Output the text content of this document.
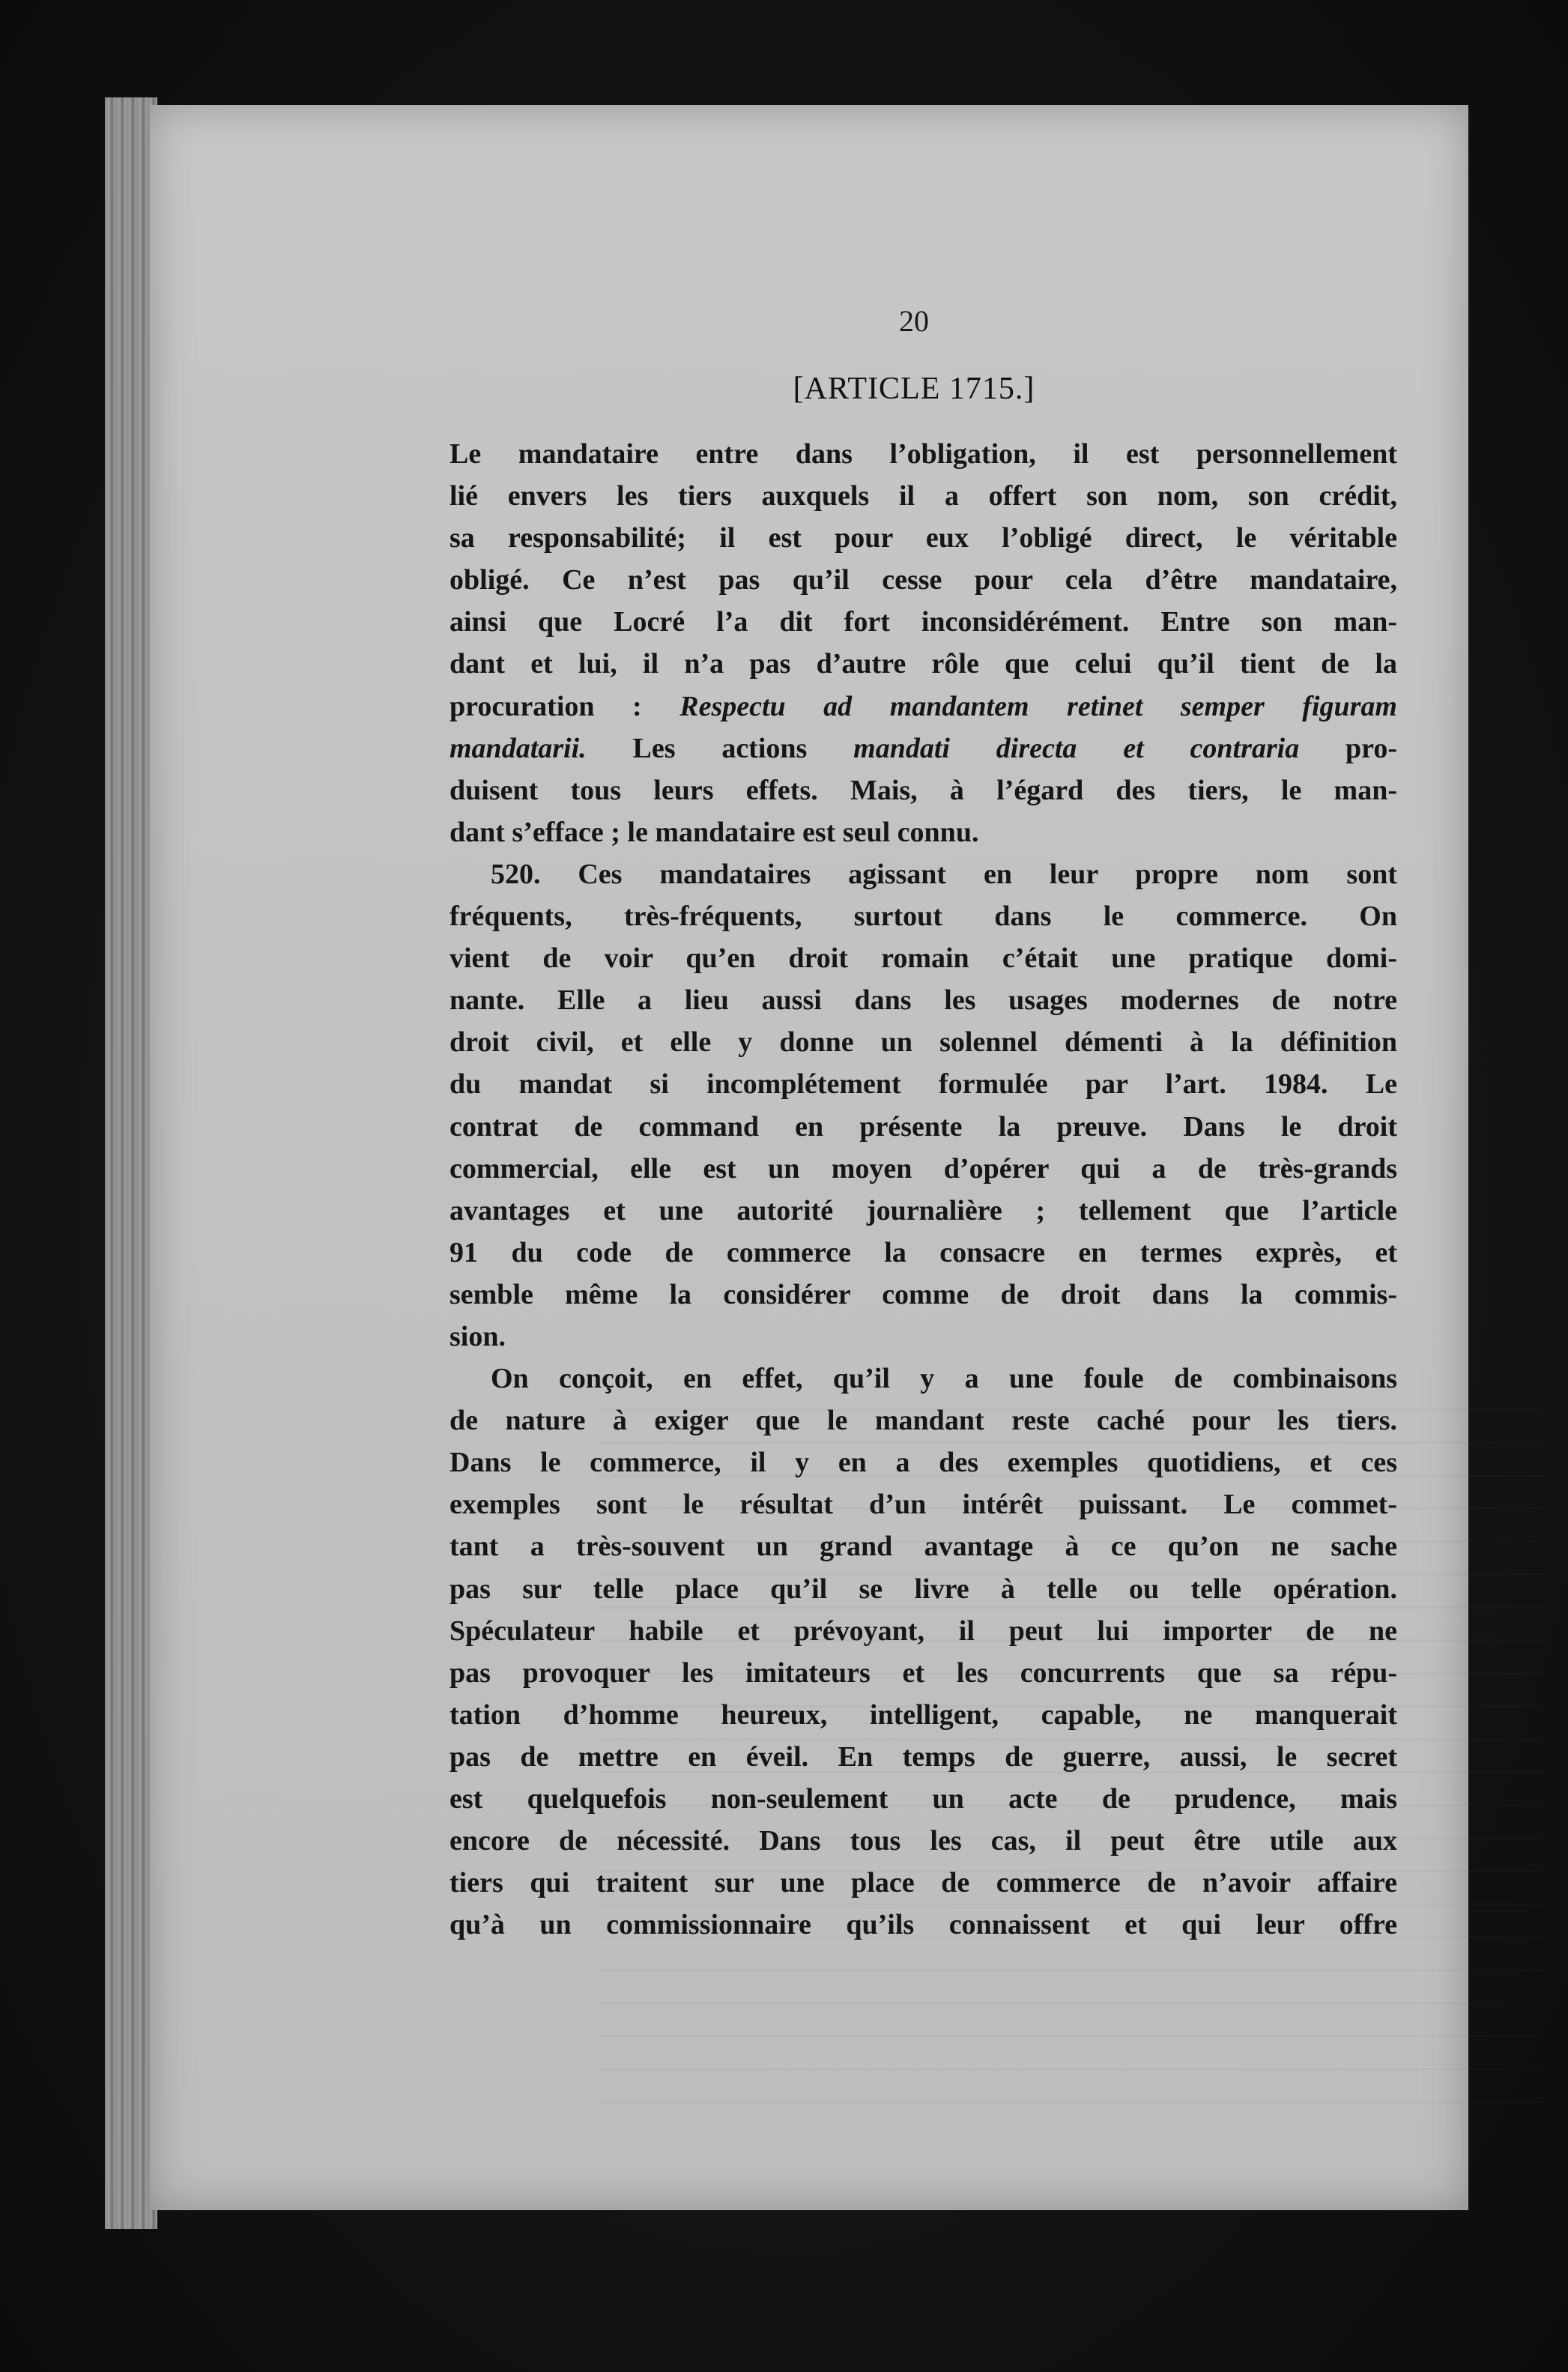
20
[ARTICLE 1715.]
Le mandataire entre dans l’obligation, il est personnellement
lié envers les tiers auxquels il a offert son nom, son crédit,
sa responsabilité; il est pour eux l’obligé direct, le véritable
obligé. Ce n’est pas qu’il cesse pour cela d’être mandataire,
ainsi que Locré l’a dit fort inconsidérément. Entre son man-
dant et lui, il n’a pas d’autre rôle que celui qu’il tient de la
procuration : Respectu ad mandantem retinet semper figuram
mandatarii. Les actions mandati directa et contraria pro-
duisent tous leurs effets. Mais, à l’égard des tiers, le man-
dant s’efface ; le mandataire est seul connu.
520. Ces mandataires agissant en leur propre nom sont
fréquents, très-fréquents, surtout dans le commerce. On
vient de voir qu’en droit romain c’était une pratique domi-
nante. Elle a lieu aussi dans les usages modernes de notre
droit civil, et elle y donne un solennel démenti à la définition
du mandat si incomplétement formulée par l’art. 1984. Le
contrat de command en présente la preuve. Dans le droit
commercial, elle est un moyen d’opérer qui a de très-grands
avantages et une autorité journalière ; tellement que l’article
91 du code de commerce la consacre en termes exprès, et
semble même la considérer comme de droit dans la commis-
sion.
On conçoit, en effet, qu’il y a une foule de combinaisons
de nature à exiger que le mandant reste caché pour les tiers.
Dans le commerce, il y en a des exemples quotidiens, et ces
exemples sont le résultat d’un intérêt puissant. Le commet-
tant a très-souvent un grand avantage à ce qu’on ne sache
pas sur telle place qu’il se livre à telle ou telle opération.
Spéculateur habile et prévoyant, il peut lui importer de ne
pas provoquer les imitateurs et les concurrents que sa répu-
tation d’homme heureux, intelligent, capable, ne manquerait
pas de mettre en éveil. En temps de guerre, aussi, le secret
est quelquefois non-seulement un acte de prudence, mais
encore de nécessité. Dans tous les cas, il peut être utile aux
tiers qui traitent sur une place de commerce de n’avoir affaire
qu’à un commissionnaire qu’ils connaissent et qui leur offre
